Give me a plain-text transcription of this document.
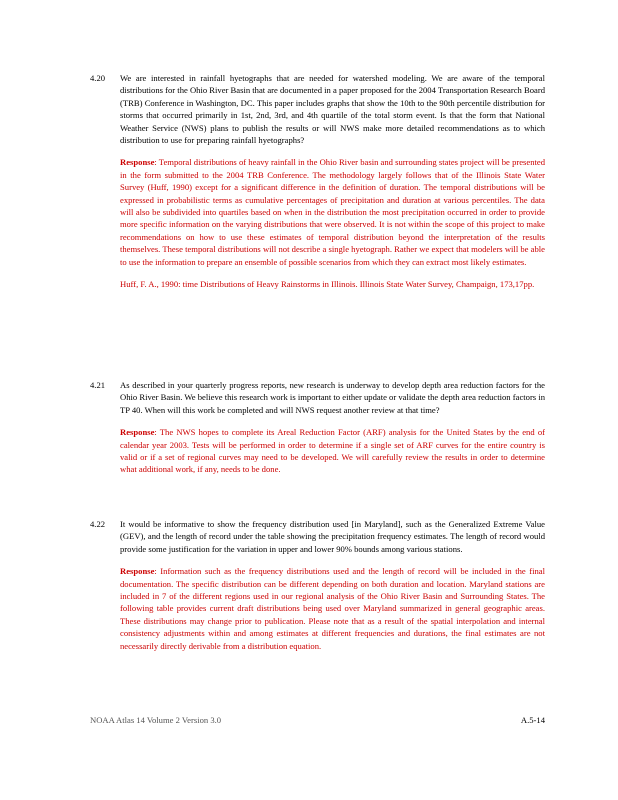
4.20 We are interested in rainfall hyetographs that are needed for watershed modeling. We are aware of the temporal distributions for the Ohio River Basin that are documented in a paper proposed for the 2004 Transportation Research Board (TRB) Conference in Washington, DC. This paper includes graphs that show the 10th to the 90th percentile distribution for storms that occurred primarily in 1st, 2nd, 3rd, and 4th quartile of the total storm event. Is that the form that National Weather Service (NWS) plans to publish the results or will NWS make more detailed recommendations as to which distribution to use for preparing rainfall hyetographs?
Response: Temporal distributions of heavy rainfall in the Ohio River basin and surrounding states project will be presented in the form submitted to the 2004 TRB Conference. The methodology largely follows that of the Illinois State Water Survey (Huff, 1990) except for a significant difference in the definition of duration. The temporal distributions will be expressed in probabilistic terms as cumulative percentages of precipitation and duration at various percentiles. The data will also be subdivided into quartiles based on when in the distribution the most precipitation occurred in order to provide more specific information on the varying distributions that were observed. It is not within the scope of this project to make recommendations on how to use these estimates of temporal distribution beyond the interpretation of the results themselves. These temporal distributions will not describe a single hyetograph. Rather we expect that modelers will be able to use the information to prepare an ensemble of possible scenarios from which they can extract most likely estimates.
Huff, F. A., 1990: time Distributions of Heavy Rainstorms in Illinois. Illinois State Water Survey, Champaign, 173,17pp.
4.21 As described in your quarterly progress reports, new research is underway to develop depth area reduction factors for the Ohio River Basin. We believe this research work is important to either update or validate the depth area reduction factors in TP 40. When will this work be completed and will NWS request another review at that time?
Response: The NWS hopes to complete its Areal Reduction Factor (ARF) analysis for the United States by the end of calendar year 2003. Tests will be performed in order to determine if a single set of ARF curves for the entire country is valid or if a set of regional curves may need to be developed. We will carefully review the results in order to determine what additional work, if any, needs to be done.
4.22 It would be informative to show the frequency distribution used [in Maryland], such as the Generalized Extreme Value (GEV), and the length of record under the table showing the precipitation frequency estimates. The length of record would provide some justification for the variation in upper and lower 90% bounds among various stations.
Response: Information such as the frequency distributions used and the length of record will be included in the final documentation. The specific distribution can be different depending on both duration and location. Maryland stations are included in 7 of the different regions used in our regional analysis of the Ohio River Basin and Surrounding States. The following table provides current draft distributions being used over Maryland summarized in general geographic areas. These distributions may change prior to publication. Please note that as a result of the spatial interpolation and internal consistency adjustments within and among estimates at different frequencies and durations, the final estimates are not necessarily directly derivable from a distribution equation.
NOAA Atlas 14 Volume 2 Version 3.0	A.5-14
